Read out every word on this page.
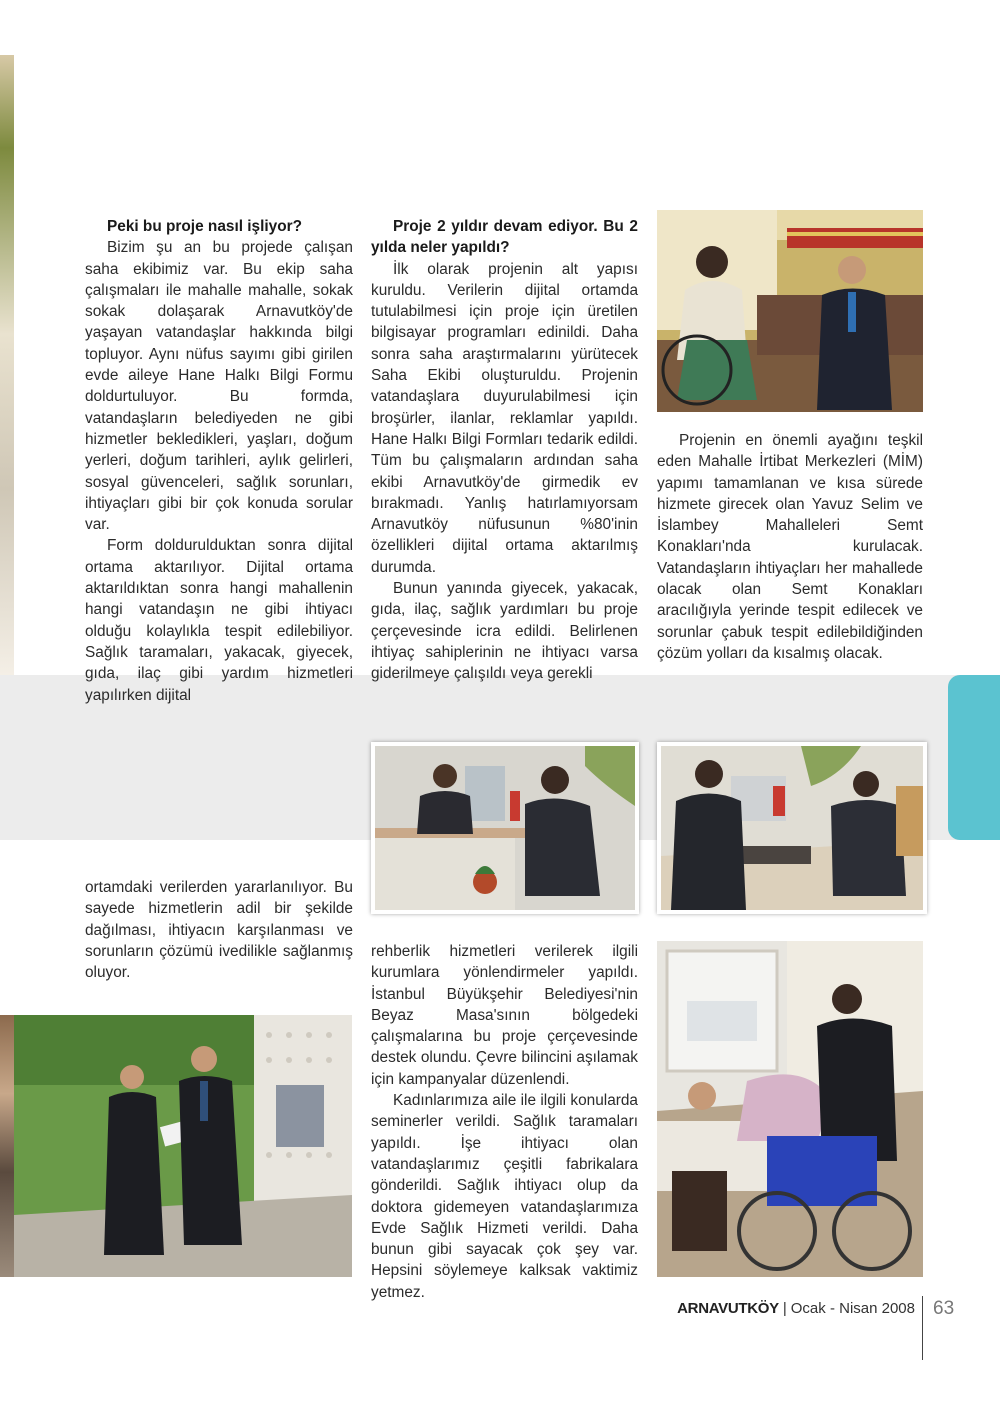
Peki bu proje nasıl işliyor?

Bizim şu an bu projede çalışan saha ekibimiz var. Bu ekip saha çalışmaları ile mahalle mahalle, sokak sokak dolaşarak Arnavutköy'de yaşayan vatandaşlar hakkında bilgi topluyor. Aynı nüfus sayımı gibi girilen evde aileye Hane Halkı Bilgi Formu doldurtuluyor. Bu formda, vatandaşların belediyeden ne gibi hizmetler bekledikleri, yaşları, doğum yerleri, doğum tarihleri, aylık gelirleri, sosyal güvenceleri, sağlık sorunları, ihtiyaçları gibi bir çok konuda sorular var.

Form doldurulduktan sonra dijital ortama aktarılıyor. Dijital ortama aktarıldıktan sonra hangi mahallenin hangi vatandaşın ne gibi ihtiyacı olduğu kolaylıkla tespit edilebiliyor. Sağlık taramaları, yakacak, giyecek, gıda, ilaç gibi yardım hizmetleri yapılırken dijital

Proje 2 yıldır devam ediyor. Bu 2 yılda neler yapıldı?

İlk olarak projenin alt yapısı kuruldu. Verilerin dijital ortamda tutulabilmesi için proje için üretilen bilgisayar programları edinildi. Daha sonra saha araştırmalarını yürütecek Saha Ekibi oluşturuldu. Projenin vatandaşlara duyurulabilmesi için broşürler, ilanlar, reklamlar yapıldı. Hane Halkı Bilgi Formları tedarik edildi. Tüm bu çalışmaların ardından saha ekibi Arnavutköy'de girmedik ev bırakmadı. Yanlış hatırlamıyorsam Arnavutköy nüfusunun %80'inin özellikleri dijital ortama aktarılmış durumda.

Bunun yanında giyecek, yakacak, gıda, ilaç, sağlık yardımları bu proje çerçevesinde icra edildi. Belirlenen ihtiyaç sahiplerinin ne ihtiyacı varsa giderilmeye çalışıldı veya gerekli

Projenin en önemli ayağını teşkil eden Mahalle İrtibat Merkezleri (MİM) yapımı tamamlanan ve kısa sürede hizmete girecek olan Yavuz Selim ve İslambey Mahalleleri Semt Konakları'nda kurulacak. Vatandaşların ihtiyaçları her mahallede olacak olan Semt Konakları aracılığıyla yerinde tespit edilecek ve sorunlar çabuk tespit edilebildiğinden çözüm yolları da kısalmış olacak.

ortamdaki verilerden yararlanılıyor. Bu sayede hizmetlerin adil bir şekilde dağılması, ihtiyacın karşılanması ve sorunların çözümü ivedilikle sağlanmış oluyor.

rehberlik hizmetleri verilerek ilgili kurumlara yönlendirmeler yapıldı. İstanbul Büyükşehir Belediyesi'nin Beyaz Masa'sının bölgedeki çalışmalarına bu proje çerçevesinde destek olundu. Çevre bilincini aşılamak için kampanyalar düzenlendi.

Kadınlarımıza aile ile ilgili konularda seminerler verildi. Sağlık taramaları yapıldı. İşe ihtiyacı olan vatandaşlarımız çeşitli fabrikalara gönderildi. Sağlık ihtiyacı olup da doktora gidemeyen vatandaşlarımıza Evde Sağlık Hizmeti verildi. Daha bunun gibi sayacak çok şey var. Hepsini söylemeye kalksak vaktimiz yetmez.

ARNAVUTKÖY | Ocak - Nisan 2008 63
